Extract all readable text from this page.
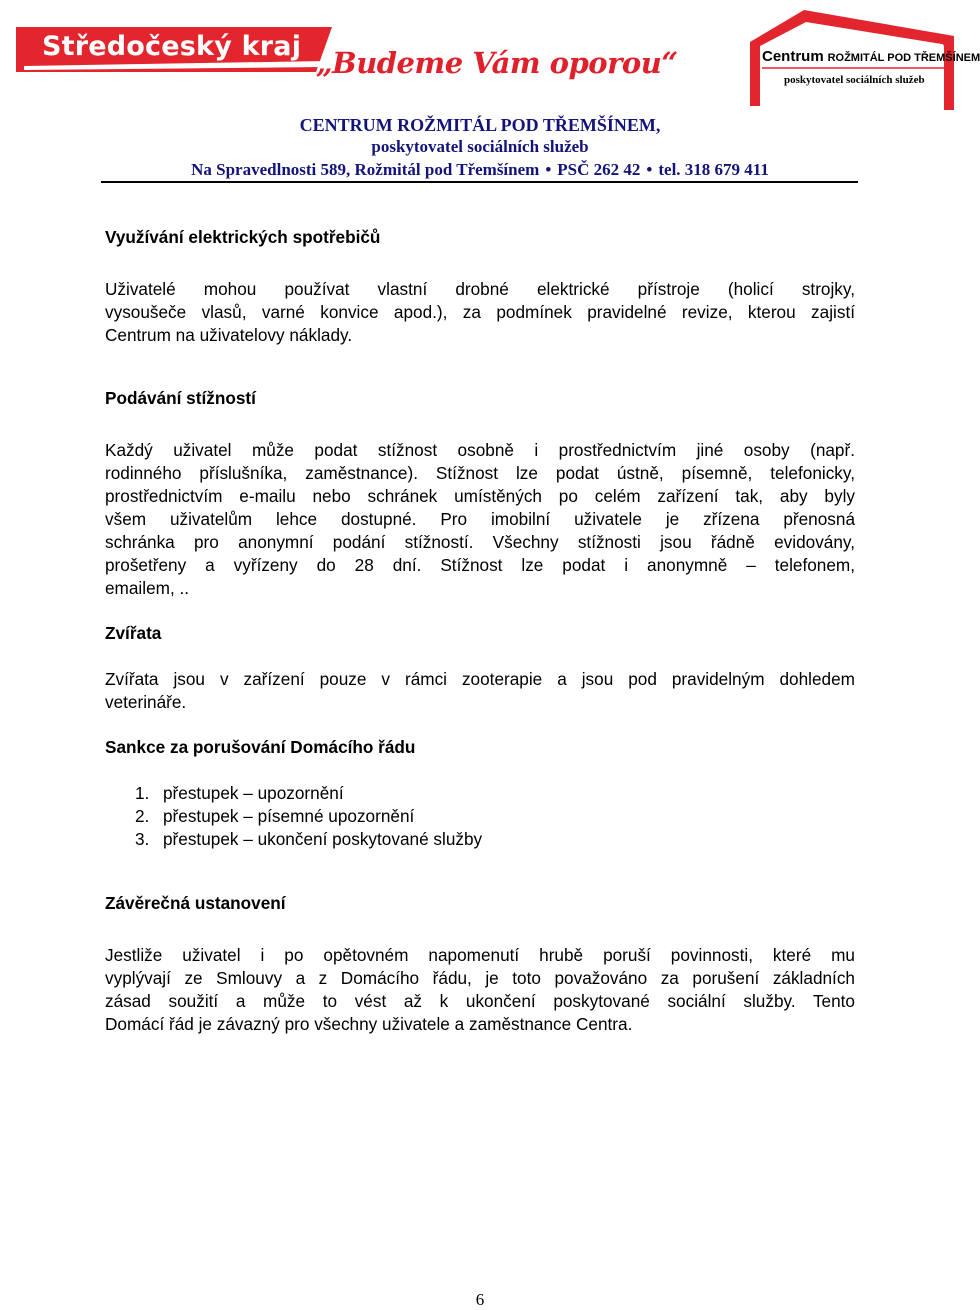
Středočeský kraj „Budeme Vám oporou“	Centrum ROŽMITÁL POD TŘEMŠÍNEM
poskytovatel sociálních služeb
CENTRUM ROŽMITÁL POD TŘEMŠÍNEM,
poskytovatel sociálních služeb
Na Spravedlnosti 589, Rožmitál pod Třemšínem • PSČ 262 42 • tel. 318 679 411
Využívání elektrických spotřebičů

Uživatelé mohou používat vlastní drobné elektrické přístroje (holicí strojky,

vysoušeče vlasů, varné konvice apod.), za podmínek pravidelné revize, kterou zajistí

Centrum na uživatelovy náklady.

Podávání stížností

Každý uživatel může podat stížnost osobně i prostřednictvím jiné osoby (např.

rodinného příslušníka, zaměstnance). Stížnost lze podat ústně, písemně, telefonicky,

prostřednictvím e-mailu nebo schránek umístěných po celém zařízení tak, aby byly

všem uživatelům lehce dostupné. Pro imobilní uživatele je zřízena přenosná

schránka pro anonymní podání stížností. Všechny stížnosti jsou řádně evidovány,

prošetřeny a vyřízeny do 28 dní. Stížnost lze podat i anonymně – telefonem,

emailem, ..

Zvířata

Zvířata jsou v zařízení pouze v rámci zooterapie a jsou pod pravidelným dohledem

veterináře.

Sankce za porušování Domácího řádu
1. přestupek – upozornění
2. přestupek – písemné upozornění
3. přestupek – ukončení poskytované služby
Závěrečná ustanovení

Jestliže uživatel i po opětovném napomenutí hrubě poruší povinnosti, které mu

vyplývají ze Smlouvy a z Domácího řádu, je toto považováno za porušení základních

zásad soužití a může to vést až k ukončení poskytované sociální služby. Tento

Domácí řád je závazný pro všechny uživatele a zaměstnance Centra.

6
